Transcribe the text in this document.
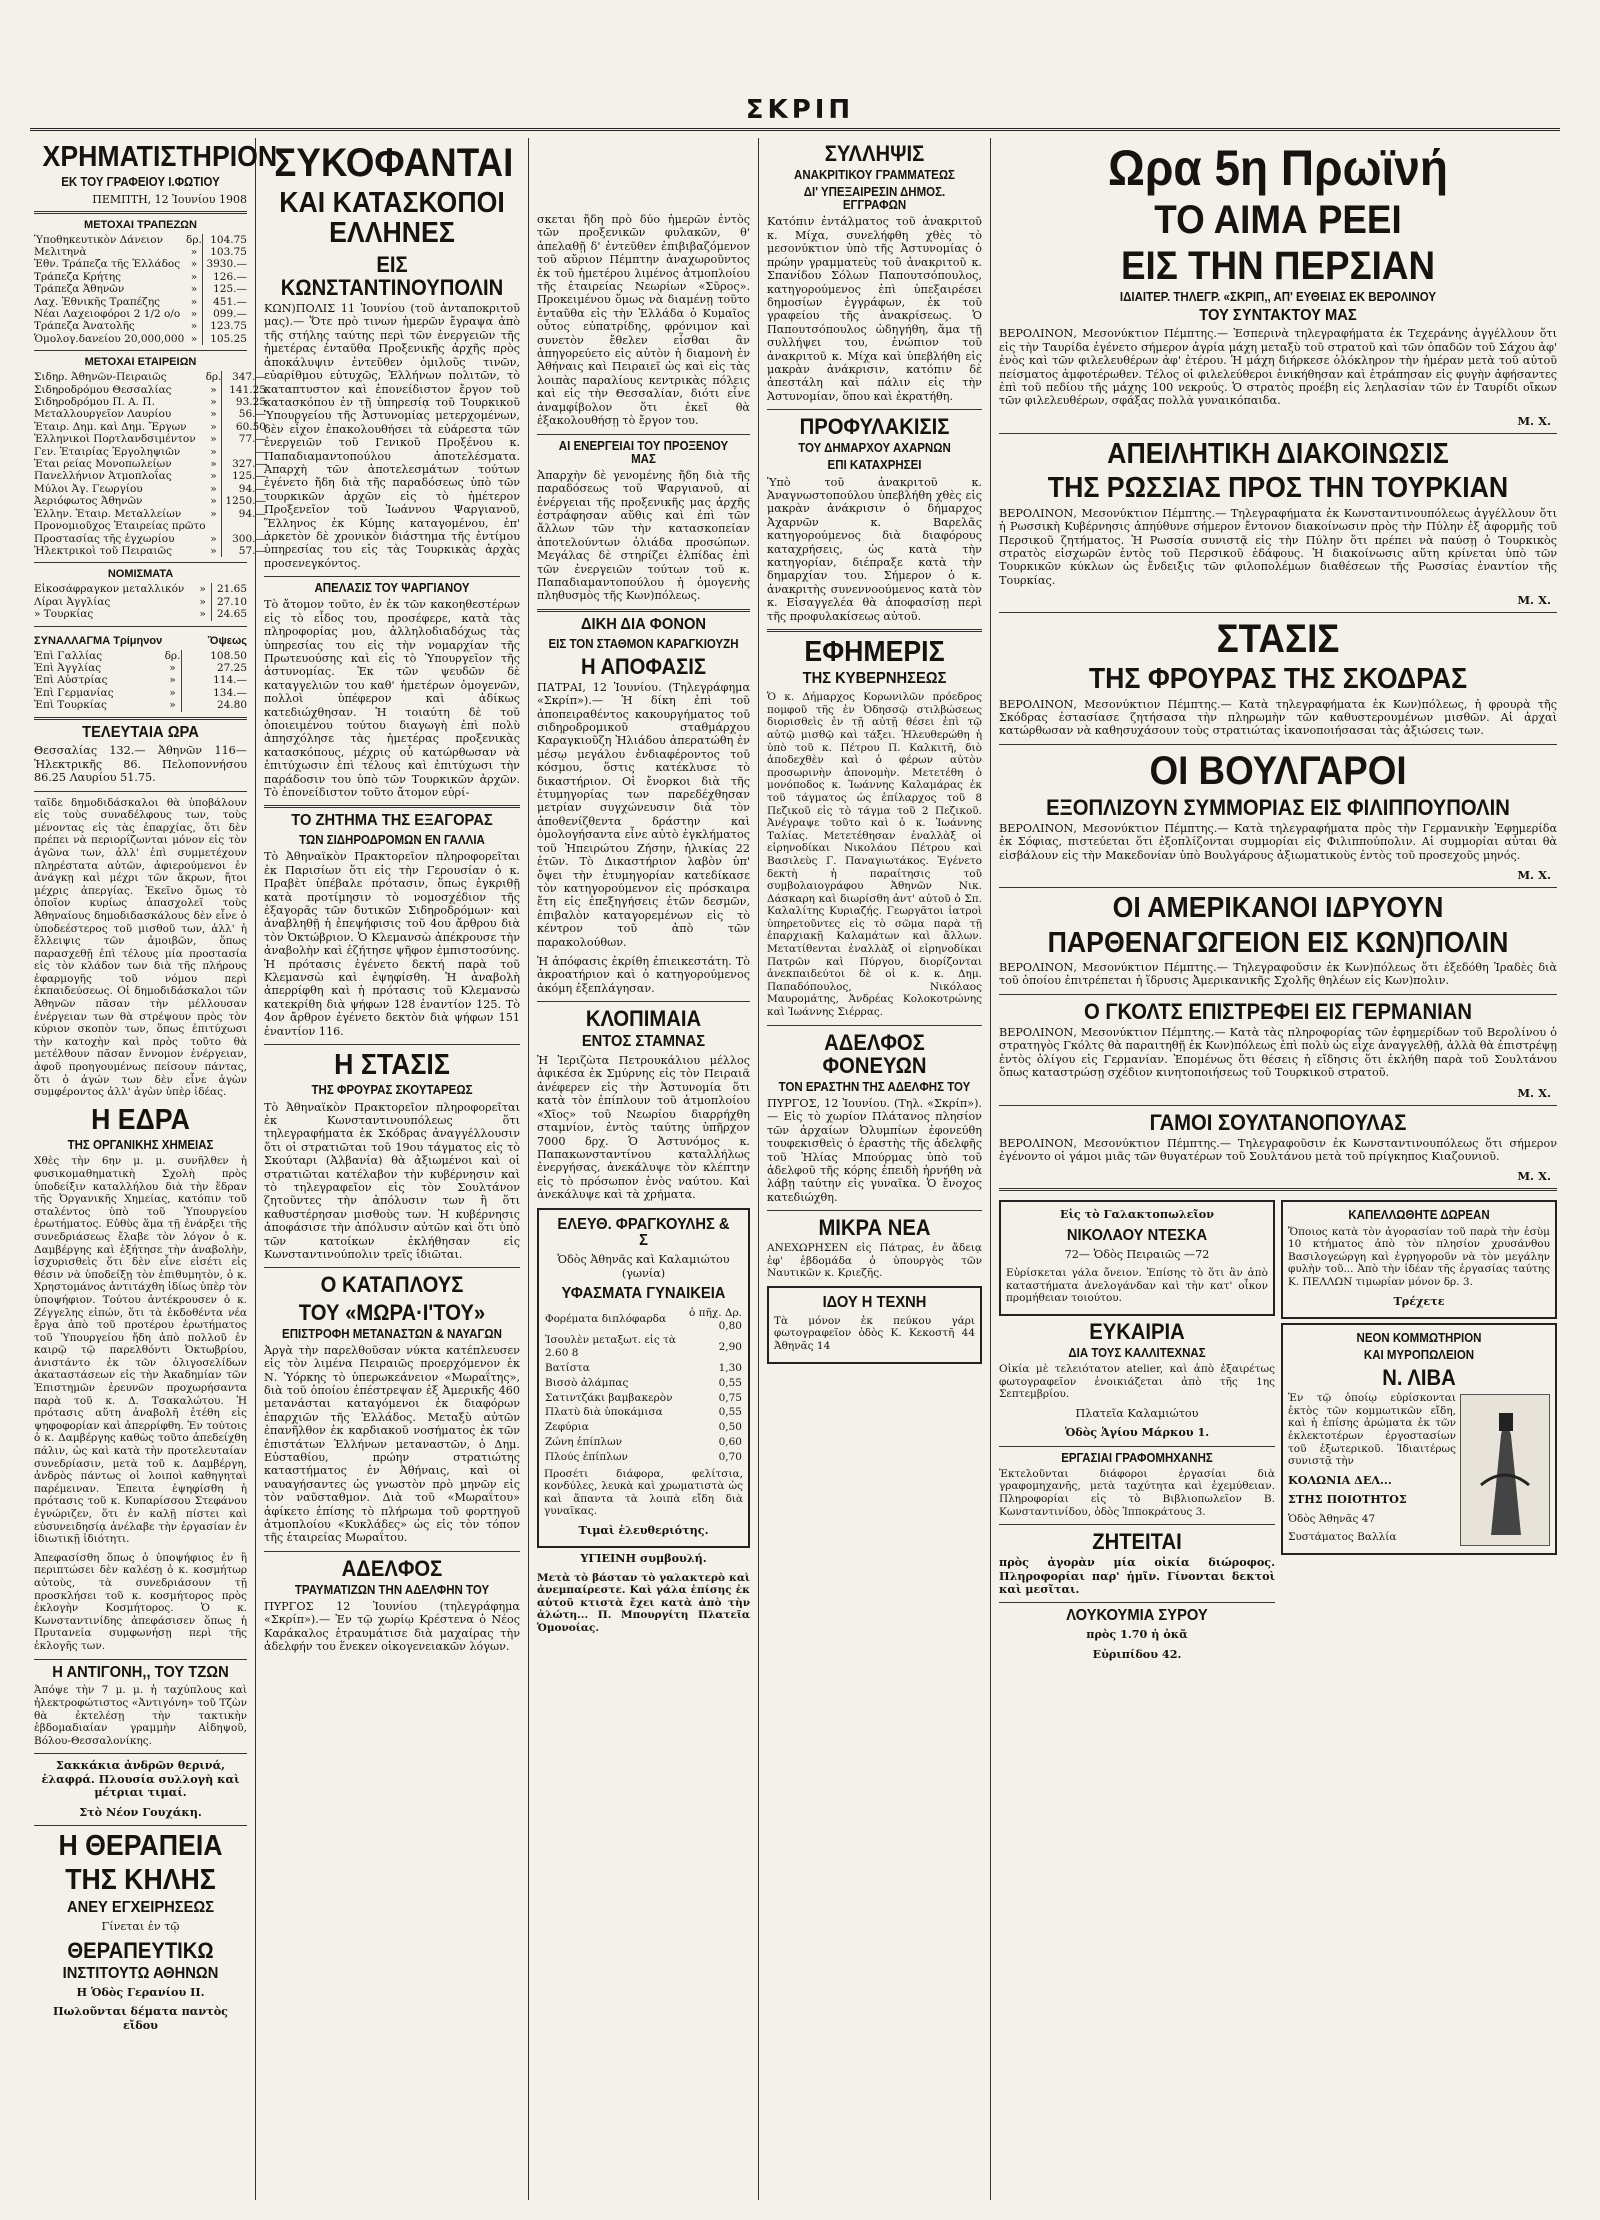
ΣΚΡΙΠ
ΧΡΗΜΑΤΙΣΤΗΡΙΟΝ
ΕΚ ΤΟΥ ΓΡΑΦΕΙΟΥ Ι.ΦΩΤΙΟΥ
ΠΕΜΠΤΗ, 12 Ἰουνίου 1908
ΜΕΤΟΧΑΙ ΤΡΑΠΕΖΩΝ
Ὑποθηκευτικὸν Δάνειον	δρ.	104.75
Μελιτηνὰ	»	103.75
Ἐθν. Τράπεζα τῆς Ἑλλάδος	»	3930.—
Τράπεζα Κρήτης	»	126.—
Τράπεζα Ἀθηνῶν	»	125.—
Λαχ. Ἐθνικῆς Τραπέζης	»	451.—
Νέαι Λαχειοφόροι 2 1/2 ο/ο	»	099.—
Τράπεζα Ἀνατολῆς	»	123.75
Ὁμολογ.δανείου 20,000,000	»	105.25
ΜΕΤΟΧΑΙ ΕΤΑΙΡΕΙΩΝ
Σιδηρ. Ἀθηνῶν-Πειραιῶς	δρ.	347.—
Σιδηροδρόμου Θεσσαλίας	»	141.25
Σιδηροδρόμου Π. Α. Π.	»	93.25
Μεταλλουργεῖον Λαυρίου	»	56.—
Ἑταιρ. Δημ. καὶ Δημ. Ἔργων	»	60.50
Ἑλληνικοὶ Πορτλανδσιμέντον	»	77.—
Γεν. Ἑταιρίας Ἐργοληψιῶν	»	—
Ἑται ρείας Μονοπωλείων	»	327.—
Πανελλήνιον Ἀτμοπλοΐας	»	125.—
Μύλοι Ἀγ. Γεωργίου	»	94.—
Ἀεριόφωτος Ἀθηνῶν	»	1250.—
Ἑλλην. Ἐταιρ. Μεταλλείων	»	94.—
Προνομιοῦχος Ἑταιρείας πρῶτο		
Προστασίας τῆς ἐγχωρίου	»	300.—
Ἠλεκτρικοὶ τοῦ Πειραιῶς	»	57.—
ΝΟΜΙΣΜΑΤΑ
Εἰκοσάφραγκον μεταλλικόν	»	21.65
Λίραι Ἀγγλίας	»	27.10
» Τουρκίας	»	24.65
ΣΥΝΑΛΛΑΓΜΑ Τρίμηνον	Ὄψεως
Ἐπὶ Γαλλίας	δρ.	108.50
Ἐπὶ Ἀγγλίας	»	27.25
Ἐπὶ Αὐστρίας	»	114.—
Ἐπὶ Γερμανίας	»	134.—
Ἐπὶ Τουρκίας	»	24.80
ΤΕΛΕΥΤΑΙΑ ΩΡΑ
Θεσσαλίας 132.— Ἀθηνῶν 116— Ἠλεκτρικῆς 86. Πελοποννήσου 86.25 Λαυρίου 51.75.
ταῖδε δημοδιδάσκαλοι θὰ ὑποβάλουν εἰς τοὺς συναδέλφους των, τοὺς μένοντας εἰς τὰς ἐπαρχίας, ὅτι δὲν πρέπει νὰ περιορίζωνται μόνον εἰς τὸν ἀγῶνα των, ἀλλ' ἐπὶ συμμετέχουν πληρέστατα αὐτῶν, ἀφιερούμενοι ἐν ἀνάγκῃ καὶ μέχρι τῶν ἄκρων, ἤτοι μέχρις ἀπεργίας. Ἐκεῖνο ὅμως τὸ ὁποῖον κυρίως ἀπασχολεῖ τοὺς Ἀθηναίους δημοδιδασκάλους δὲν εἶνε ὁ ὑποδεέστερος τοῦ μισθοῦ των, ἀλλ' ἡ ἔλλειψις τῶν ἀμοιβῶν, ὅπως παρασχεθῇ ἐπὶ τέλους μία προστασία εἰς τὸν κλάδον των διὰ τῆς πλήρους ἐφαρμογῆς τοῦ νόμου περὶ ἐκπαιδεύσεως. Οἱ δημοδιδάσκαλοι τῶν Ἀθηνῶν πᾶσαν τὴν μέλλουσαν ἐνέργειαν των θὰ στρέψουν πρὸς τὸν κύριον σκοπὸν των, ὅπως ἐπιτύχωσι τὴν κατοχὴν καὶ πρὸς τοῦτο θὰ μετέλθουν πᾶσαν ἔννομον ἐνέργειαν, ἀφοῦ προηγουμένως πείσουν πάντας, ὅτι ὁ ἀγών των δὲν εἶνε ἀγὼν συμφέροντος ἀλλ' ἀγὼν ὑπὲρ ἰδέας.
Η ΕΔΡΑ
ΤΗΣ ΟΡΓΑΝΙΚΗΣ ΧΗΜΕΙΑΣ
Χθὲς τὴν 6ην μ. μ. συνῆλθεν ἡ φυσικομαθηματικὴ Σχολὴ πρὸς ὑποδείξιν καταλλήλου διὰ τὴν ἕδραν τῆς Ὀργανικῆς Χημείας, κατόπιν τοῦ σταλέντος ὑπὸ τοῦ Ὑπουργείου ἐρωτήματος. Εὐθὺς ἅμα τῇ ἐνάρξει τῆς συνεδριάσεως ἔλαβε τὸν λόγον ὁ κ. Δαμβέργης καὶ ἐξήτησε τὴν ἀναβολὴν, ἰσχυρισθεὶς ὅτι δὲν εἶνε εἰσέτι εἰς θέσιν νὰ ὑποδείξῃ τὸν ἐπιθυμητὸν, ὁ κ. Χρηστομάνος ἀντιτάχθη ἰδίως ὑπὲρ τὸν ὑποψήφιον. Τούτου ἀντέκρουσεν ὁ κ. Ζέγγελης εἰπών, ὅτι τὰ ἐκδοθέντα νέα ἔργα ἀπὸ τοῦ προτέρου ἐρωτήματος τοῦ Ὑπουργείου ἤδη ἀπὸ πολλοῦ ἐν καιρῷ τῷ παρελθόντι Ὀκτωβρίου, ἀνιστάντο ἐκ τῶν ὀλιγοσελίδων ἀκαταστάσεων εἰς τὴν Ἀκαδημίαν τῶν Ἐπιστημῶν ἐρευνῶν προχωρήσαντα παρὰ τοῦ κ. Δ. Τσακαλώτου. Ἡ πρότασις αὕτη ἀναβολῆ ἐτέθη εἰς ψηφοφορίαν καὶ ἀπερρίφθη. Ἐν τούτοις ὁ κ. Δαμβέργης καθὼς τοῦτο ἀπεδείχθη πάλιν, ὡς καὶ κατὰ τὴν προτελευταίαν συνεδρίασιν, μετὰ τοῦ κ. Δαμβέργη, ἀνδρὸς πάντως οἱ λοιποὶ καθηγηταὶ παρέμειναν. Ἐπειτα ἐψηφίσθη ἡ πρότασις τοῦ κ. Κυπαρίσσου Στεφάνου ἐγνώριζεν, ὅτι ἐν καλῇ πίστει καὶ εὐσυνειδησίᾳ ἀνέλαβε τὴν ἐργασίαν ἐν ἰδιωτικῇ ἰδιότητι.
Ἀπεφασίσθη ὅπως ὁ ὑποψήφιος ἐν ἣ περιπτώσει δὲν καλέσῃ ὁ κ. κοσμήτωρ αὐτοὺς, τὰ συνεδριάσουν τῇ προσκλήσει τοῦ κ. κοσμήτορος πρὸς ἐκλογὴν Κοσμήτορος. Ὁ κ. Κωνσταντινίδης ἀπεφάσισεν ὅπως ἡ Πρυτανεία συμφωνήσῃ περὶ τῆς ἐκλογῆς των.
Η ΑΝΤΙΓΟΝΗ,, ΤΟΥ ΤΖΩΝ
Ἀπόψε τὴν 7 μ. μ. ἡ ταχύπλους καὶ ἠλεκτροφώτιστος «Ἀντιγόνη» τοῦ Τζὼν θὰ ἐκτελέσῃ τὴν τακτικὴν ἑβδομαδιαίαν γραμμὴν Αἰδηψοῦ, Βόλου-Θεσσαλονίκης.
Σακκάκια ἀνδρῶν θερινά, ἐλαφρά. Πλουσία συλλογὴ καὶ μέτριαι τιμαί.
Στὸ Νέον Γουχάκη.
Η ΘΕΡΑΠΕΙΑ
ΤΗΣ ΚΗΛΗΣ
ΑΝΕΥ ΕΓΧΕΙΡΗΣΕΩΣ
Γίνεται ἐν τῷ
ΘΕΡΑΠΕΥΤΙΚΩ
ΙΝΣΤΙΤΟΥΤΩ ΑΘΗΝΩΝ
Η Ὁδὸς Γερανίου ΙΙ.
Πωλοῦνται δέματα παντὸς εἴδου
ΣΥΚΟΦΑΝΤΑΙ
ΚΑΙ ΚΑΤΑΣΚΟΠΟΙ ΕΛΛΗΝΕΣ
ΕΙΣ ΚΩΝΣΤΑΝΤΙΝΟΥΠΟΛΙΝ
ΚΩΝ)ΠΟΛΙΣ 11 Ἰουνίου (τοῦ ἀνταποκριτοῦ μας).— Ὅτε πρὸ τινων ἡμερῶν ἔγραψα ἀπὸ τῆς στήλης ταύτης περὶ τῶν ἐνεργειῶν τῆς ἡμετέρας ἐνταῦθα Προξενικῆς ἀρχῆς πρὸς ἀποκάλυψιν ἐντεῦθεν ὁμιλοῦς τινῶν, εὐαρίθμου εὐτυχῶς, Ἑλλήνων πολιτῶν, τὸ καταπτυστον καὶ ἐπονείδιστον ἔργον τοῦ κατασκόπου ἐν τῇ ὑπηρεσίᾳ τοῦ Τουρκικοῦ Ὑπουργείου τῆς Ἀστυνομίας μετερχομένων, δὲν εἶχον ἐπακολουθήσει τὰ εὐάρεστα τῶν ἐνεργειῶν τοῦ Γενικοῦ Προξένου κ. Παπαδιαμαντοπούλου ἀποτελέσματα. Ἀπαρχὴ τῶν ἀποτελεσμάτων τούτων ἐγένετο ἤδη διὰ τῆς παραδόσεως ὑπὸ τῶν τουρκικῶν ἀρχῶν εἰς τὸ ἡμέτερον Προξενεῖον τοῦ Ἰωάννου Ψαργιανοῦ, Ἕλληνος ἐκ Κύμης καταγομένου, ἐπ' ἀρκετὸν δὲ χρονικὸν διάστημα τῆς ἐντίμου ὑπηρεσίας του εἰς τὰς Τουρκικὰς ἀρχὰς προσενεγκόντος.
ΑΠΕΛΑΣΙΣ ΤΟΥ ΨΑΡΓΙΑΝΟΥ
Τὸ ἄτομον τοῦτο, ἐν ἐκ τῶν κακοηθεστέρων εἰς τὸ εἶδος του, προσέφερε, κατὰ τὰς πληροφορίας μου, ἀλληλοδιαδόχως τὰς ὑπηρεσίας του εἰς τὴν νομαρχίαν τῆς Πρωτευούσης καὶ εἰς τὸ Ὑπουργεῖον τῆς ἀστυνομίας. Ἐκ τῶν ψευδῶν δὲ καταγγελιῶν του καθ' ἡμετέρων ὁμογενῶν, πολλοὶ ὑπέφερον καὶ ἀδίκως κατεδιώχθησαν. Ἡ τοιαύτη δὲ τοῦ ὁποιειμένου τούτου διαγωγὴ ἐπὶ πολὺ ἀπησχόλησε τὰς ἡμετέρας προξενικὰς κατασκόπους, μέχρις οὗ κατώρθωσαν νὰ ἐπιτύχωσιν ἐπὶ τέλους καὶ ἐπιτύχωσι τὴν παράδοσιν του ὑπὸ τῶν Τουρκικῶν ἀρχῶν. Τὸ ἐπονείδιστον τοῦτο ἄτομον εὑρί-
ΤΟ ΖΗΤΗΜΑ ΤΗΣ ΕΞΑΓΟΡΑΣ
ΤΩΝ ΣΙΔΗΡΟΔΡΟΜΩΝ ΕΝ ΓΑΛΛΙΑ
Τὸ Ἀθηναϊκὸν Πρακτορεῖον πληροφορεῖται ἐκ Παρισίων ὅτι εἰς τὴν Γερουσίαν ὁ κ. Πραβὲτ ὑπέβαλε πρότασιν, ὅπως ἐγκριθῇ κατὰ προτίμησιν τὸ νομοσχέδιον τῆς ἐξαγορᾶς τῶν δυτικῶν Σιδηροδρόμων· καὶ ἀναβληθῇ ἡ ἐπεψήφισις τοῦ 4ου ἄρθρου διὰ τὸν Ὀκτώβριον. Ὁ Κλεμανσὼ ἀπέκρουσε τὴν ἀναβολὴν καὶ ἐζήτησε ψῆφον ἐμπιστοσύνης. Ἡ πρότασις ἐγένετο δεκτή παρὰ τοῦ Κλεμανσὼ καὶ ἐψηφίσθη. Ἡ ἀναβολὴ ἀπερρίφθη καὶ ἡ πρότασις τοῦ Κλεμανσὼ κατεκρίθη διὰ ψήφων 128 ἐναντίον 125. Τὸ 4ον ἄρθρον ἐγένετο δεκτὸν διὰ ψήφων 151 ἐναντίον 116.
Η ΣΤΑΣΙΣ
ΤΗΣ ΦΡΟΥΡΑΣ ΣΚΟΥΤΑΡΕΩΣ
Τὸ Ἀθηναϊκὸν Πρακτορεῖον πληροφορεῖται ἐκ Κωνσταντινουπόλεως ὅτι τηλεγραφήματα ἐκ Σκόδρας ἀναγγέλλουσιν ὅτι οἱ στρατιῶται τοῦ 19ου τάγματος εἰς τὸ Σκούταρι (Ἀλβανία) θὰ ἀξιωμένοι καὶ οἱ στρατιῶται κατέλαβον τὴν κυβέρνησιν καὶ τὸ τηλεγραφεῖον εἰς τὸν Σουλτάνον ζητοῦντες τὴν ἀπόλυσιν των ἢ ὅτι καθυστέρησαν μισθοὺς των. Ἡ κυβέρνησις ἀποφάσισε τὴν ἀπόλυσιν αὐτῶν καὶ ὅτι ὑπὸ τῶν κατοίκων ἐκλήθησαν εἰς Κωνσταντινούπολιν τρεῖς ἰδιῶται.
Ο ΚΑΤΑΠΛΟΥΣ
ΤΟΥ «ΜΩΡΑ·Ι'ΤΟΥ»
ΕΠΙΣΤΡΟΦΗ ΜΕΤΑΝΑΣΤΩΝ & ΝΑΥΑΓΩΝ
Ἀργὰ τὴν παρελθοῦσαν νύκτα κατέπλευσεν εἰς τὸν λιμένα Πειραιῶς προερχόμενον ἐκ Ν. Ὑόρκης τὸ ὑπερωκεάνειον «Μωραΐτης», διὰ τοῦ ὁποίου ἐπέστρεψαν ἐξ Ἀμερικῆς 460 μετανάσται καταγόμενοι ἐκ διαφόρων ἐπαρχιῶν τῆς Ἑλλάδος. Μεταξὺ αὐτῶν ἐπανῆλθον ἐκ καρδιακοῦ νοσήματος ἐκ τῶν ἐπιστάτων Ἑλλήνων μεταναστῶν, ὁ Δημ. Εὐσταθίου, πρώην στρατιώτης καταστήματος ἐν Ἀθήναις, καὶ οἱ ναυαγήσαντες ὡς γνωστὸν πρὸ μηνῶν εἰς τὸν ναῦσταθμον. Διὰ τοῦ «Μωραΐτου» ἀφίκετο ἐπίσης τὸ πλήρωμα τοῦ φορτηγοῦ ἀτμοπλοίου «Κυκλάδες» ὡς εἰς τὸν τόπον τῆς ἑταιρείας Μωραΐτου.
ΑΔΕΛΦΟΣ
ΤΡΑΥΜΑΤΙΖΩΝ ΤΗΝ ΑΔΕΛΦΗΝ ΤΟΥ
ΠΥΡΓΟΣ 12 Ἰουνίου (τηλεγράφημα «Σκρίπ»).— Ἐν τῷ χωρίῳ Κρέστενα ὁ Νέος Καράκαλος ἐτραυμάτισε διὰ μαχαίρας τὴν ἀδελφήν του ἕνεκεν οἰκογενειακῶν λόγων.
σκεται ἤδη πρὸ δύο ἡμερῶν ἐντὸς τῶν προξενικῶν φυλακῶν, θ' ἀπελαθῇ δ' ἐντεῦθεν ἐπιβιβαζόμενον τοῦ αὔριον Πέμπτην ἀναχωροῦντος ἐκ τοῦ ἡμετέρου λιμένος ἀτμοπλοίου τῆς ἑταιρείας Νεωρίων «Σῦρος». Προκειμένου ὅμως νὰ διαμένῃ τοῦτο ἐνταῦθα εἰς τὴν Ἑλλάδα ὁ Κυμαῖος οὗτος εὐπατρίδης, φρόνιμον καὶ συνετὸν ἔθελεν εἶσθαι ἂν ἀπηγορεύετο εἰς αὐτὸν ἡ διαμονὴ ἐν Ἀθήναις καὶ Πειραιεῖ ὡς καὶ εἰς τὰς λοιπὰς παραλίους κεντρικὰς πόλεις καὶ εἰς τὴν Θεσσαλίαν, διότι εἶνε ἀναμφίβολον ὅτι ἐκεῖ θὰ ἐξακολουθήσῃ τὸ ἔργον του.
ΑΙ ΕΝΕΡΓΕΙΑΙ ΤΟΥ ΠΡΟΞΕΝΟΥ ΜΑΣ
Ἀπαρχὴν δὲ γενομένης ἤδη διὰ τῆς παραδόσεως τοῦ Ψαργιανοῦ, αἱ ἐνέργειαι τῆς προξενικῆς μας ἀρχῆς ἐστράφησαν αὕθις καὶ ἐπὶ τῶν ἄλλων τῶν τὴν κατασκοπείαν ἀποτελούντων ὀλιάδα προσώπων. Μεγάλας δὲ στηρίζει ἐλπίδας ἐπὶ τῶν ἐνεργειῶν τούτων τοῦ κ. Παπαδιαμαντοπούλου ἡ ὁμογενὴς πληθυσμὸς τῆς Κων)πόλεως.
ΔΙΚΗ ΔΙΑ ΦΟΝΟΝ
ΕΙΣ ΤΟΝ ΣΤΑΘΜΟΝ ΚΑΡΑΓΚΙΟΥΖΗ
Η ΑΠΟΦΑΣΙΣ
ΠΑΤΡΑΙ, 12 Ἰουνίου. (Τηλεγράφημα «Σκρίπ»).— Ἡ δίκη ἐπὶ τοῦ ἀποπειραθέντος κακουργήματος τοῦ σιδηροδρομικοῦ σταθμάρχου Καραγκιοῦζη Ἠλιάδου ἀπερατώθη ἐν μέσῳ μεγάλου ἐνδιαφέροντος τοῦ κόσμου, ὅστις κατέκλυσε τὸ δικαστήριον. Οἱ ἔνορκοι διὰ τῆς ἐτυμηγορίας των παρεδέχθησαν μετρίαν συγχώνευσιν διὰ τὸν ἀποθενίζθεντα δράστην καὶ ὁμολογήσαντα εἶνε αὐτὸ ἐγκλήματος τοῦ Ἠπειρώτου Ζήσην, ἡλικίας 22 ἐτῶν. Τὸ Δικαστήριον λαβὸν ὑπ' ὄψει τὴν ἐτυμηγορίαν κατεδίκασε τὸν κατηγορούμενον εἰς πρόσκαιρα ἔτη εἰς ἐπεξηγήσεις ἐτῶν δεσμῶν, ἐπιβαλὸν καταγορεμένων εἰς τὸ κέντρον τοῦ ἀπὸ τῶν παρακολούθων.
Ἡ ἀπόφασις ἐκρίθη ἐπιεικεστάτη. Τὸ ἀκροατήριον καὶ ὁ κατηγορούμενος ἀκόμη ἐξεπλάγησαν.
ΚΛΟΠΙΜΑΙΑ
ΕΝΤΟΣ ΣΤΑΜΝΑΣ
Ἡ Ἰεριζὼτα Πετρουκάλιου μέλλος ἀφικέσα ἐκ Σμύρνης εἰς τὸν Πειραιᾶ ἀνέφερεν εἰς τὴν Ἀστυνομία ὅτι κατὰ τὸν ἐπίπλουν τοῦ ἀτμοπλοίου «Χῖος» τοῦ Νεωρίου διαρρήχθη σταμνίον, ἐντὸς ταύτης ὑπῆρχον 7000 δρχ. Ὁ Ἀστυνόμος κ. Παπακωνσταντίνου καταλλήλως ἐνεργήσας, ἀνεκάλυψε τὸν κλέπτην εἰς τὸ πρόσωπον ἑνὸς ναύτου. Καὶ ἀνεκάλυψε καὶ τὰ χρήματα.
ΕΛΕΥΘ. ΦΡΑΓΚΟΥΛΗΣ & Σ
Ὁδὸς Ἀθηνᾶς καὶ Καλαμιώτου (γωνία)
ΥΦΑΣΜΑΤΑ ΓΥΝΑΙΚΕΙΑ
Φορέματα διπλόφαρδα	ὁ πῆχ. Δρ. 0,80
Ἰσουλὲν μεταξωτ. εἰς τὰ 2.60 8	2,90
Βατίστα	1,30
Βισσὸ ἀλάμπας	0,55
Σατιντζάκι βαμβακερὸν	0,75
Πλατὺ διὰ ὑποκάμισα	0,55
Ζεφύρια	0,50
Ζώνη ἐπίπλων	0,60
Πλούς ἐπίπλων	0,70
Προσέτι διάφορα, φελίτσια, κονδύλες, λευκὰ καὶ χρωματιστὰ ὡς καὶ ἄπαντα τὰ λοιπὰ εἴδη διὰ γυναῖκας.
Τιμαὶ ἐλευθεριότης.
ΥΓΙΕΙΝΗ συμβουλή.
Μετὰ τὸ βάσταν τὸ γαλακτερὸ καὶ ἀνεμπαίρεστε. Καὶ γάλα ἐπίσης ἐκ αὐτοῦ κτιστὰ ἔχει κατὰ ἀπὸ τὴν ἁλώτη... Π. Μπουργίτη Πλατεῖα Ὁμονοίας.
ΣΥΛΛΗΨΙΣ
ΑΝΑΚΡΙΤΙΚΟΥ ΓΡΑΜΜΑΤΕΩΣ
ΔΙ' ΥΠΕΞΑΙΡΕΣΙΝ ΔΗΜΟΣ. ΕΓΓΡΑΦΩΝ
Κατόπιν ἐντάλματος τοῦ ἀνακριτοῦ κ. Μίχα, συνελήφθη χθὲς τὸ μεσονύκτιον ὑπὸ τῆς Ἀστυνομίας ὁ πρώην γραμματεὺς τοῦ ἀνακριτοῦ κ. Σπανίδου Σόλων Παπουτσόπουλος, κατηγορούμενος ἐπὶ ὑπεξαιρέσει δημοσίων ἐγγράφων, ἐκ τοῦ γραφείου τῆς ἀνακρίσεως. Ὁ Παπουτσόπουλος ὡδηγήθη, ἅμα τῇ συλλήψει του, ἐνώπιον τοῦ ἀνακριτοῦ κ. Μίχα καὶ ὑπεβλήθη εἰς μακρὰν ἀνάκρισιν, κατόπιν δὲ ἀπεστάλη καὶ πάλιν εἰς τὴν Ἀστυνομίαν, ὅπου καὶ ἐκρατήθη.
ΠΡΟΦΥΛΑΚΙΣΙΣ
ΤΟΥ ΔΗΜΑΡΧΟΥ ΑΧΑΡΝΩΝ
ΕΠΙ ΚΑΤΑΧΡΗΣΕΙ
Ὑπὸ τοῦ ἀνακριτοῦ κ. Ἀναγνωστοπούλου ὑπεβλήθη χθὲς εἰς μακρὰν ἀνάκρισιν ὁ δήμαρχος Ἀχαρνῶν κ. Βαρελᾶς κατηγορούμενος διὰ διαφόρους καταχρήσεις, ὡς κατὰ τὴν κατηγορίαν, διέπραξε κατὰ τὴν δημαρχίαν του. Σήμερον ὁ κ. ἀνακριτὴς συνεννοούμενος κατὰ τὸν κ. Εἰσαγγελέα θὰ ἀποφασίσῃ περὶ τῆς προφυλακίσεως αὐτοῦ.
ΕΦΗΜΕΡΙΣ
ΤΗΣ ΚΥΒΕΡΝΗΣΕΩΣ
Ὁ κ. Δήμαρχος Κορωνιλῶν πρόεδρος πομφοῦ τῆς ἐν Ὀδησσῷ στιλβώσεως διορισθεὶς ἐν τῇ αὐτῇ θέσει ἐπὶ τῷ αὐτῷ μισθῷ καὶ τάξει. Ἠλευθερώθη ἡ ὑπὸ τοῦ κ. Πέτρου Π. Καλκιτῆ, διὸ ἀποδεχθὲν καὶ ὁ φέρων αὐτὸν προσωρινὴν ἀπονομὴν. Μετετέθη ὁ μονόποδος κ. Ἰωάννης Καλαμάρας ἐκ τοῦ τάγματος ὡς ἐπίλαρχος τοῦ 8 Πεζικοῦ εἰς τὸ τάγμα τοῦ 2 Πεζικοῦ. Ἀνέγραψε τοῦτο καὶ ὁ κ. Ἰωάννης Ταλίας. Μετετέθησαν ἐναλλὰξ οἱ εἰρηνοδίκαι Νικολάου Πέτρου καὶ Βασιλεὺς Γ. Παναγιωτάκος. Ἐγένετο δεκτὴ ἡ παραίτησις τοῦ συμβολαιογράφου Ἀθηνῶν Νικ. Δάσκαρη καὶ διωρίσθη ἀντ' αὐτοῦ ὁ Σπ. Καλαλίτης Κυριαζής. Γεωργᾶτοι ἰατροὶ ὑπηρετοῦντες εἰς τὸ σῶμα παρὰ τῇ ἐπαρχιακῇ Καλαμάτων καὶ ἄλλων. Μετατίθενται ἐναλλὰξ οἱ εἰρηνοδίκαι Πατρῶν καὶ Πύργου, διορίζονται ἀνεκπαιδεύτοι δὲ οἱ κ. κ. Δημ. Παπαδόπουλος, Νικόλαος Μαυρομάτης, Ἀνδρέας Κολοκοτρώνης καὶ Ἰωάννης Σιέρρας.
ΑΔΕΛΦΟΣ ΦΟΝΕΥΩΝ
ΤΟΝ ΕΡΑΣΤΗΝ ΤΗΣ ΑΔΕΛΦΗΣ ΤΟΥ
ΠΥΡΓΟΣ, 12 Ἰουνίου. (Τηλ. «Σκρίπ»).— Εἰς τὸ χωρίον Πλάτανος πλησίον τῶν ἀρχαίων Ὀλυμπίων ἐφονεύθη τουφεκισθεὶς ὁ ἐραστὴς τῆς ἀδελφῆς τοῦ Ἠλίας Μπούρμας ὑπὸ τοῦ ἀδελφοῦ τῆς κόρης ἐπειδὴ ἠρνήθη νὰ λάβῃ ταύτην εἰς γυναῖκα. Ὁ ἔνοχος κατεδιώχθη.
ΜΙΚΡΑ ΝΕΑ
ΑΝΕΧΩΡΗΣΕΝ εἰς Πάτρας, ἐν ἄδειᾳ ἐφ' ἑβδομάδα ὁ ὑπουργὸς τῶν Ναυτικῶν κ. Κριεζῆς.
ΙΔΟΥ Η ΤΕΧΝΗ
Τὰ μόνον ἐκ πεύκου γάρι φωτογραφεῖον ὁδὸς Κ. Κεκοστῆ 44 Ἀθηνᾶς 14
Ωρα 5η Πρωϊνή
ΤΟ ΑΙΜΑ ΡΕΕΙ
ΕΙΣ ΤΗΝ ΠΕΡΣΙΑΝ
ΙΔΙΑΙΤΕΡ. ΤΗΛΕΓΡ. «ΣΚΡΙΠ,, ΑΠ' ΕΥΘΕΙΑΣ ΕΚ ΒΕΡΟΛΙΝΟΥ
ΤΟΥ ΣΥΝΤΑΚΤΟΥ ΜΑΣ
ΒΕΡΟΛΙΝΟΝ, Μεσονύκτιον Πέμπτης.— Ἑσπερινὰ τηλεγραφήματα ἐκ Τεχεράνης ἀγγέλλουν ὅτι εἰς τὴν Ταυρίδα ἐγένετο σήμερον ἀγρία μάχη μεταξὺ τοῦ στρατοῦ καὶ τῶν ὀπαδῶν τοῦ Σάχου ἀφ' ἑνὸς καὶ τῶν φιλελευθέρων ἀφ' ἑτέρου. Ἡ μάχη διήρκεσε ὁλόκληρον τὴν ἡμέραν μετὰ τοῦ αὐτοῦ πείσματος ἀμφοτέρωθεν. Τέλος οἱ φιλελεύθεροι ἐνικήθησαν καὶ ἐτράπησαν εἰς φυγὴν ἀφήσαντες ἐπὶ τοῦ πεδίου τῆς μάχης 100 νεκρούς. Ὁ στρατὸς προέβη εἰς λεηλασίαν τῶν ἐν Ταυρίδι οἴκων τῶν φιλελευθέρων, σφάξας πολλὰ γυναικόπαιδα.
Μ. Χ.
ΑΠΕΙΛΗΤΙΚΗ ΔΙΑΚΟΙΝΩΣΙΣ
ΤΗΣ ΡΩΣΣΙΑΣ ΠΡΟΣ ΤΗΝ ΤΟΥΡΚΙΑΝ
ΒΕΡΟΛΙΝΟΝ, Μεσονύκτιον Πέμπτης.— Τηλεγραφήματα ἐκ Κωνσταντινουπόλεως ἀγγέλλουν ὅτι ἡ Ρωσσικὴ Κυβέρνησις ἀπηύθυνε σήμερον ἔντονον διακοίνωσιν πρὸς τὴν Πύλην ἐξ ἀφορμῆς τοῦ Περσικοῦ ζητήματος. Ἡ Ρωσσία συνιστᾷ εἰς τὴν Πύλην ὅτι πρέπει νὰ παύσῃ ὁ Τουρκικὸς στρατὸς εἰσχωρῶν ἐντὸς τοῦ Περσικοῦ ἐδάφους. Ἡ διακοίνωσις αὕτη κρίνεται ὑπὸ τῶν Τουρκικῶν κύκλων ὡς ἔνδειξις τῶν φιλοπολέμων διαθέσεων τῆς Ρωσσίας ἐναντίον τῆς Τουρκίας.
Μ. Χ.
ΣΤΑΣΙΣ
ΤΗΣ ΦΡΟΥΡΑΣ ΤΗΣ ΣΚΟΔΡΑΣ
ΒΕΡΟΛΙΝΟΝ, Μεσονύκτιον Πέμπτης.— Κατὰ τηλεγραφήματα ἐκ Κων)πόλεως, ἡ φρουρὰ τῆς Σκόδρας ἐστασίασε ζητήσασα τὴν πληρωμὴν τῶν καθυστερουμένων μισθῶν. Αἱ ἀρχαὶ κατώρθωσαν νὰ καθησυχάσουν τοὺς στρατιώτας ἱκανοποιήσασαι τὰς ἀξιώσεις των.
ΟΙ ΒΟΥΛΓΑΡΟΙ
ΕΞΟΠΛΙΖΟΥΝ ΣΥΜΜΟΡΙΑΣ ΕΙΣ ΦΙΛΙΠΠΟΥΠΟΛΙΝ
ΒΕΡΟΛΙΝΟΝ, Μεσονύκτιον Πέμπτης.— Κατὰ τηλεγραφήματα πρὸς τὴν Γερμανικὴν Ἐφημερίδα ἐκ Σόφιας, πιστεύεται ὅτι ἐξοπλίζονται συμμορίαι εἰς Φιλιππούπολιν. Αἱ συμμορίαι αὗται θὰ εἰσβάλουν εἰς τὴν Μακεδονίαν ὑπὸ Βουλγάρους ἀξιωματικοὺς ἐντὸς τοῦ προσεχοῦς μηνός.
Μ. Χ.
ΟΙ ΑΜΕΡΙΚΑΝΟΙ ΙΔΡΥΟΥΝ
ΠΑΡΘΕΝΑΓΩΓΕΙΟΝ ΕΙΣ ΚΩΝ)ΠΟΛΙΝ
ΒΕΡΟΛΙΝΟΝ, Μεσονύκτιον Πέμπτης.— Τηλεγραφοῦσιν ἐκ Κων)πόλεως ὅτι ἐξεδόθη Ἰραδὲς διὰ τοῦ ὁποίου ἐπιτρέπεται ἡ ἵδρυσις Ἀμερικανικῆς Σχολῆς θηλέων εἰς Κων)πολιν.
Ο ΓΚΟΛΤΣ ΕΠΙΣΤΡΕΦΕΙ ΕΙΣ ΓΕΡΜΑΝΙΑΝ
ΒΕΡΟΛΙΝΟΝ, Μεσονύκτιον Πέμπτης.— Κατὰ τὰς πληροφορίας τῶν ἐφημερίδων τοῦ Βερολίνου ὁ στρατηγὸς Γκόλτς θὰ παραιτηθῇ ἐκ Κων)πόλεως ἐπὶ πολὺ ὡς εἶχε ἀναγγελθῇ, ἀλλὰ θὰ ἐπιστρέψῃ ἐντὸς ὀλίγου εἰς Γερμανίαν. Ἐπομένως ὅτι θέσεις ἡ εἴδησις ὅτι ἐκλήθη παρὰ τοῦ Σουλτάνου ὅπως καταστρώσῃ σχέδιον κινητοποιήσεως τοῦ Τουρκικοῦ στρατοῦ.
Μ. Χ.
ΓΑΜΟΙ ΣΟΥΛΤΑΝΟΠΟΥΛΑΣ
ΒΕΡΟΛΙΝΟΝ, Μεσονύκτιον Πέμπτης.— Τηλεγραφοῦσιν ἐκ Κωνσταντινουπόλεως ὅτι σήμερον ἐγένοντο οἱ γάμοι μιᾶς τῶν θυγατέρων τοῦ Σουλτάνου μετὰ τοῦ πρίγκηπος Κιαζουνιοῦ.
Μ. Χ.
Εἰς τὸ Γαλακτοπωλεῖον
ΝΙΚΟΛΑΟΥ ΝΤΕΣΚΑ
72— Ὁδὸς Πειραιῶς —72
Εὑρίσκεται γάλα ὄνειον. Ἐπίσης τὸ ὅτι ἂν ἀπὸ καταστήματα ἀνελογάνδαν καὶ τὴν κατ' οἶκον προμήθειαν τοιούτου.
ΕΥΚΑΙΡΙΑ
ΔΙΑ ΤΟΥΣ ΚΑΛΛΙΤΕΧΝΑΣ
Οἰκία μὲ τελειότατον atelier, καὶ ἀπὸ ἐξαιρέτως φωτογραφεῖον ἐνοικιάζεται ἀπὸ τῆς 1ης Σεπτεμβρίου.
Πλατεῖα Καλαμιώτου
Ὁδὸς Ἁγίου Μάρκου 1.
ΕΡΓΑΣΙΑΙ ΓΡΑΦΟΜΗΧΑΝΗΣ
Ἐκτελοῦνται διάφοροι ἐργασίαι διὰ γραφομηχανῆς, μετὰ ταχύτητα καὶ ἐχεμύθειαν. Πληροφορίαι εἰς τὸ Βιβλιοπωλεῖον Β. Κωνσταντινίδου, ὁδὸς Ἱπποκράτους 3.
ΖΗΤΕΙΤΑΙ
πρὸς ἀγορὰν μία οἰκία διώροφος. Πληροφορίαι παρ' ἡμῖν. Γίνονται δεκτοὶ καὶ μεσῖται.
ΛΟΥΚΟΥΜΙΑ ΣΥΡΟΥ
πρὸς 1.70 ἡ ὀκᾶ
Εὐριπίδου 42.
ΚΑΠΕΛΛΩΘΗΤΕ ΔΩΡΕΑΝ
Ὅποιος κατὰ τὸν ἀγορασίαν τοῦ παρὰ τὴν ἐσὺμ 10 κτήματος ἀπὸ τὸν πλησίον χρυσάνθου Βασιλογεώργη καὶ ἐγρηγοροῦν νὰ τὸν μεγάλην φυλὴν τοῦ... Ἀπὸ τὴν ἱδέαν τῆς ἐργασίας ταύτης Κ. ΠΕΛΛΩΝ τιμωρίαν μόνον δρ. 3.
Τρέχετε
ΝΕΟΝ ΚΟΜΜΩΤΗΡΙΟΝ
ΚΑΙ ΜΥΡΟΠΩΛΕΙΟΝ
Ν. ΛΙΒΑ
Ἐν τῷ ὁποίῳ εὑρίσκονται ἐκτὸς τῶν κομμωτικῶν εἴδη, καὶ ἡ ἐπίσης ἀρώματα ἐκ τῶν ἐκλεκτοτέρων ἐργοστασίων τοῦ ἐξωτερικοῦ. Ἰδιαιτέρως συνιστᾷ τὴν
ΚΟΛΩΝΙΑ ΔΕΛ...
ΣΤΗΣ ΠΟΙΟΤΗΤΟΣ
Ὁδὸς Ἀθηνᾶς 47
Συστάματος Βαλλία
